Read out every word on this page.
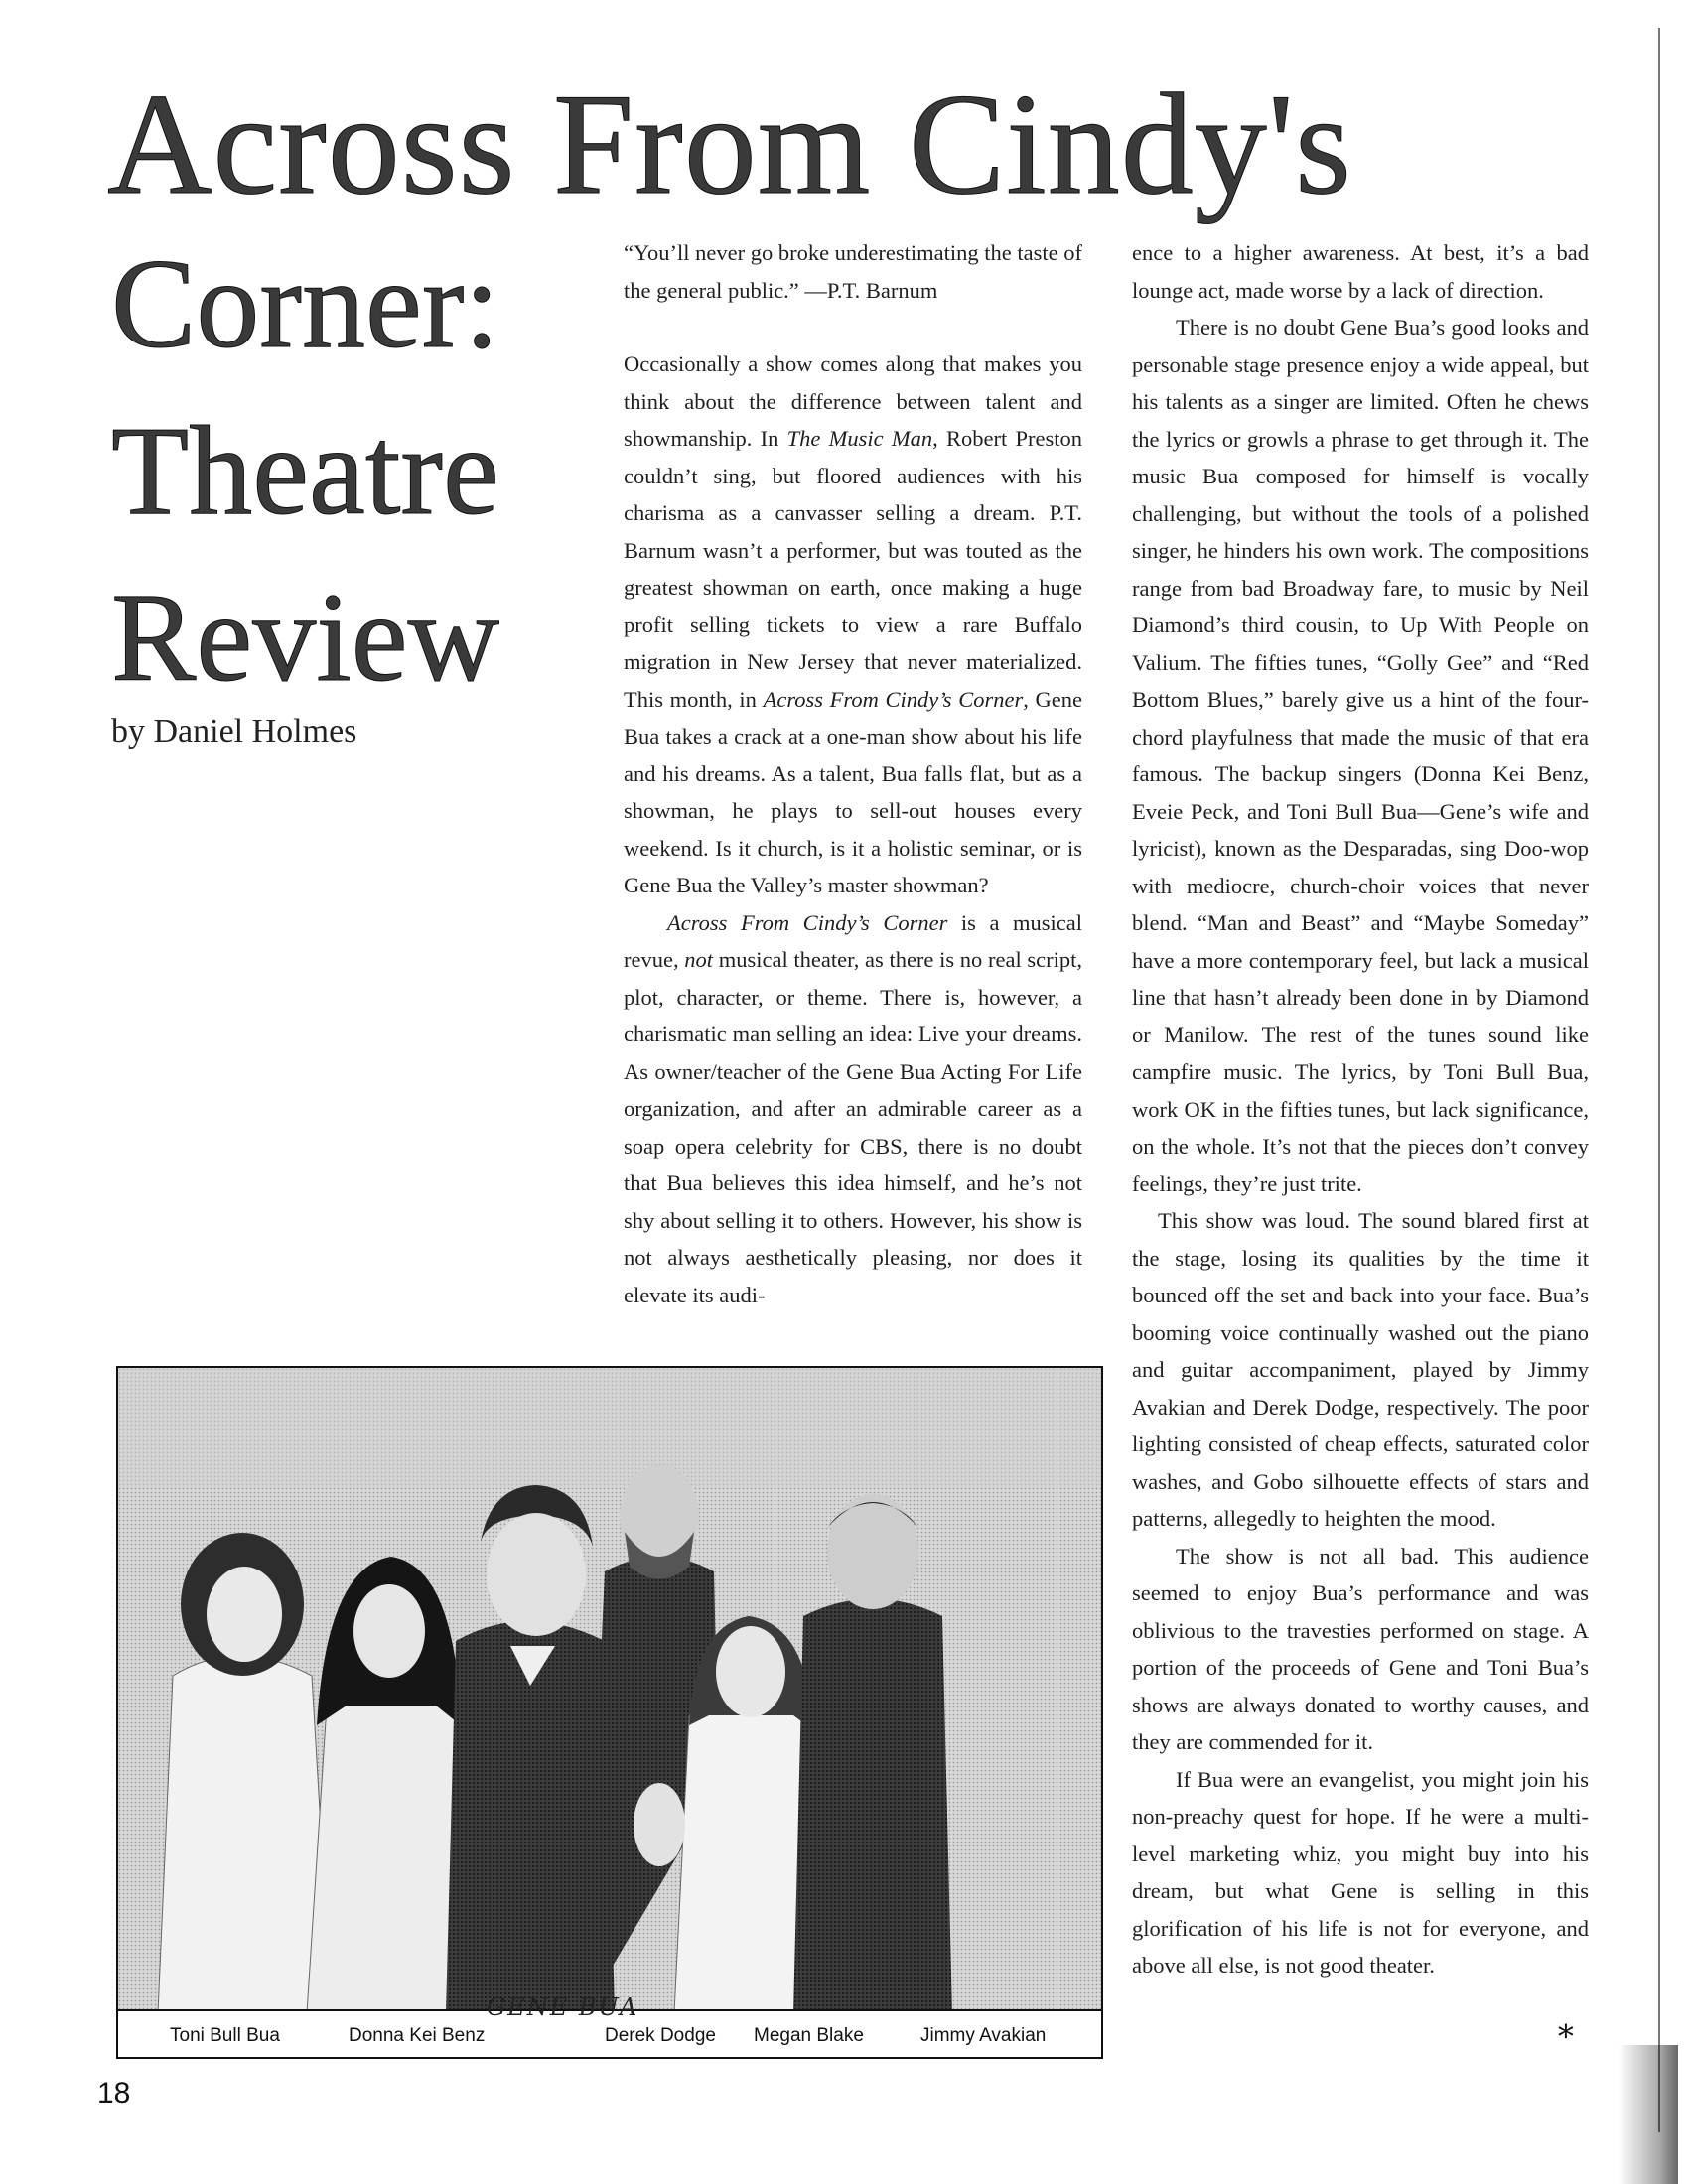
Across From Cindy's
Corner:
Theatre
Review
by Daniel Holmes

“You’ll never go broke underestimating the taste of the general public.” —P.T. Barnum

Occasionally a show comes along that makes you think about the difference between talent and showmanship. In The Music Man, Robert Preston couldn’t sing, but floored audiences with his charisma as a canvasser selling a dream. P.T. Barnum wasn’t a performer, but was touted as the greatest showman on earth, once making a huge profit selling tickets to view a rare Buffalo migration in New Jersey that never materialized. This month, in Across From Cindy’s Corner, Gene Bua takes a crack at a one-man show about his life and his dreams. As a talent, Bua falls flat, but as a showman, he plays to sell-out houses every weekend. Is it church, is it a holistic seminar, or is Gene Bua the Valley’s master showman?

Across From Cindy’s Corner is a musical revue, not musical theater, as there is no real script, plot, character, or theme. There is, however, a charismatic man selling an idea: Live your dreams. As owner/teacher of the Gene Bua Acting For Life organization, and after an admirable career as a soap opera celebrity for CBS, there is no doubt that Bua believes this idea himself, and he’s not shy about selling it to others. However, his show is not always aesthetically pleasing, nor does it elevate its audi-

ence to a higher awareness. At best, it’s a bad lounge act, made worse by a lack of direction.

There is no doubt Gene Bua’s good looks and personable stage presence enjoy a wide appeal, but his talents as a singer are limited. Often he chews the lyrics or growls a phrase to get through it. The music Bua composed for himself is vocally challenging, but without the tools of a polished singer, he hinders his own work. The compositions range from bad Broadway fare, to music by Neil Diamond’s third cousin, to Up With People on Valium. The fifties tunes, “Golly Gee” and “Red Bottom Blues,” barely give us a hint of the four-chord playfulness that made the music of that era famous. The backup singers (Donna Kei Benz, Eveie Peck, and Toni Bull Bua—Gene’s wife and lyricist), known as the Desparadas, sing Doo-wop with mediocre, church-choir voices that never blend. “Man and Beast” and “Maybe Someday” have a more contemporary feel, but lack a musical line that hasn’t already been done in by Diamond or Manilow. The rest of the tunes sound like campfire music. The lyrics, by Toni Bull Bua, work OK in the fifties tunes, but lack significance, on the whole. It’s not that the pieces don’t convey feelings, they’re just trite.

This show was loud. The sound blared first at the stage, losing its qualities by the time it bounced off the set and back into your face. Bua’s booming voice continually washed out the piano and guitar accompaniment, played by Jimmy Avakian and Derek Dodge, respectively. The poor lighting consisted of cheap effects, saturated color washes, and Gobo silhouette effects of stars and patterns, allegedly to heighten the mood.

The show is not all bad. This audience seemed to enjoy Bua’s performance and was oblivious to the travesties performed on stage. A portion of the proceeds of Gene and Toni Bua’s shows are always donated to worthy causes, and they are commended for it.

If Bua were an evangelist, you might join his non-preachy quest for hope. If he were a multi-level marketing whiz, you might buy into his dream, but what Gene is selling in this glorification of his life is not for everyone, and above all else, is not good theater.

∗
Toni Bull Bua	Donna Kei Benz	Derek Dodge Megan Blake	Jimmy Avakian
GENE BUA
18
